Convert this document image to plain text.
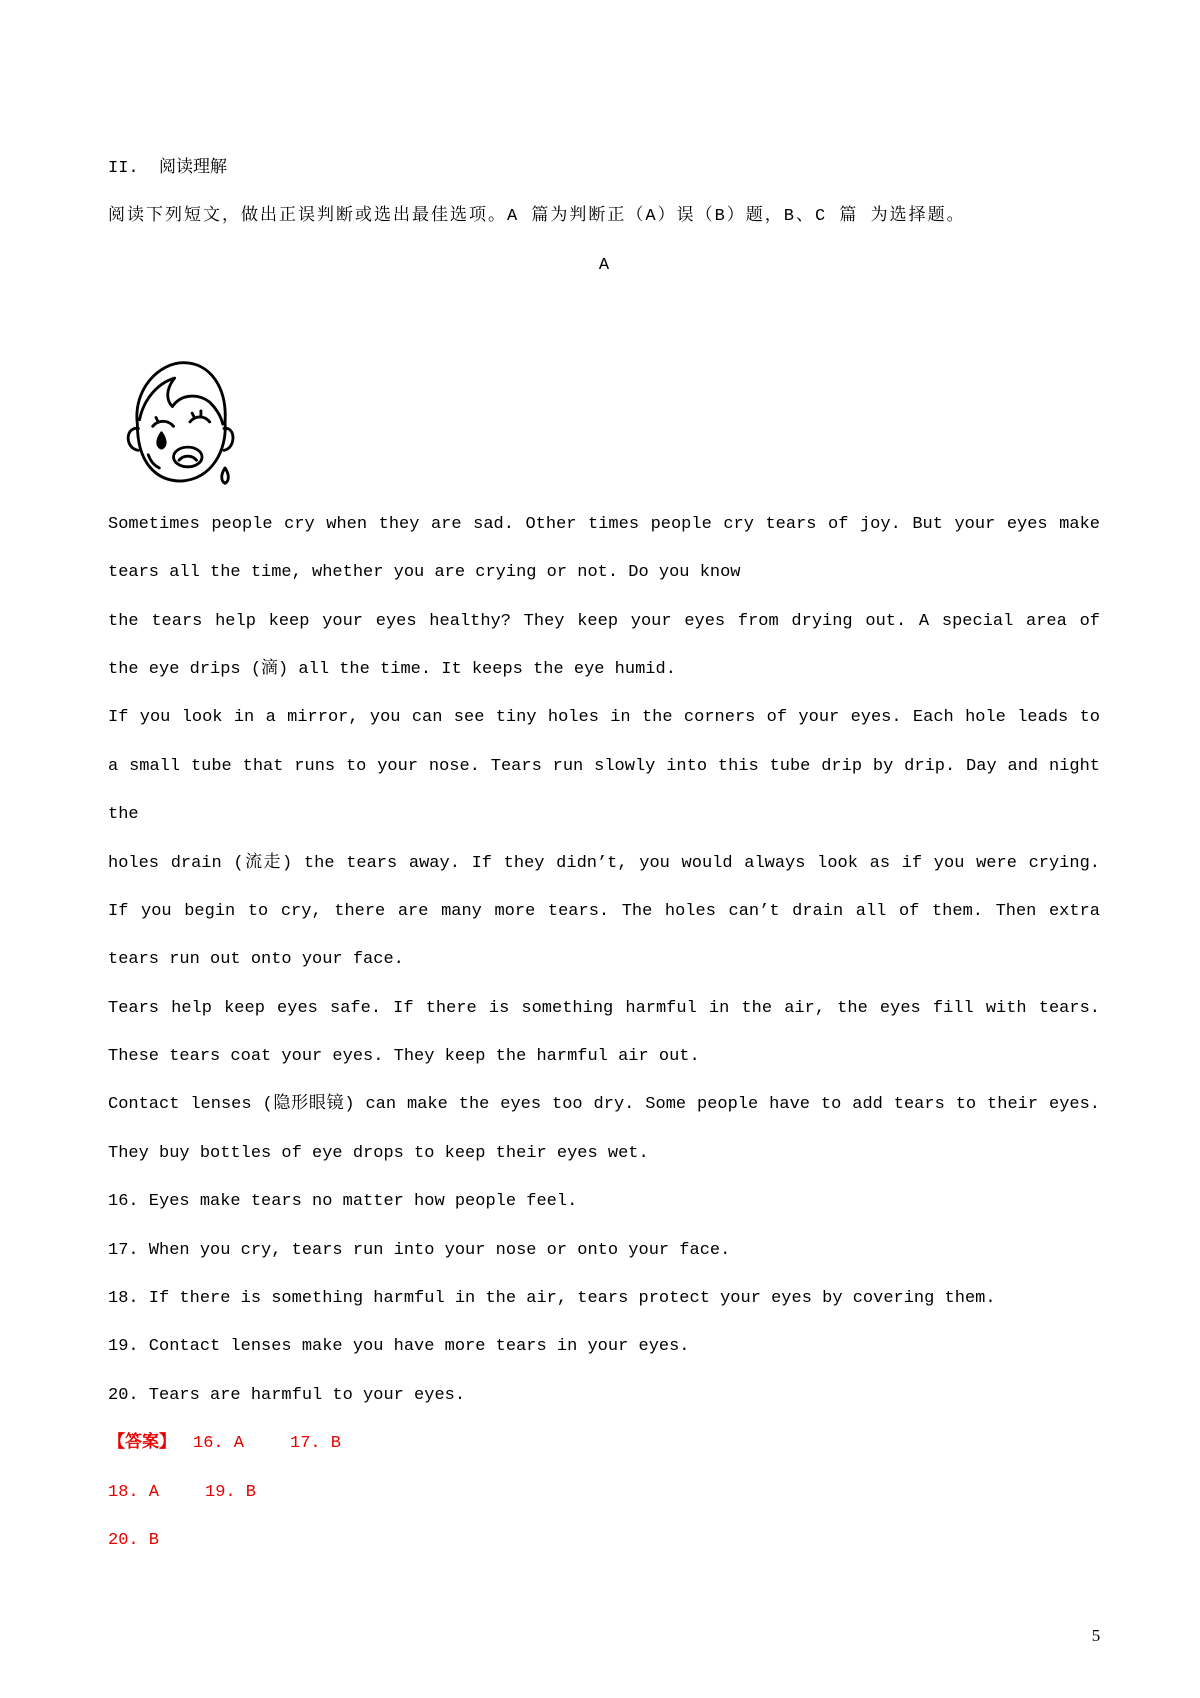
II.  阅读理解
阅读下列短文，做出正误判断或选出最佳选项。A 篇为判断正（A）误（B）题，B、C 篇 为选择题。
A
Sometimes people cry when they are sad. Other times people cry tears of joy. But your eyes make
tears all the time, whether you are crying or not. Do you know
the tears help keep your eyes healthy? They keep your eyes from drying out. A special area of
the eye drips (滴) all the time. It keeps the eye humid.
If you look in a mirror, you can see tiny holes in the corners of your eyes. Each hole leads to
a small tube that runs to your nose. Tears run slowly into this tube drip by drip. Day and night
the
holes drain (流走) the tears away. If they didn’t, you would always look as if you were crying.
If you begin to cry, there are many more tears. The holes can’t drain all of them. Then extra
tears run out onto your face.
Tears help keep eyes safe. If there is something harmful in the air, the eyes fill with tears.
These tears coat your eyes. They keep the harmful air out.
Contact lenses (隐形眼镜) can make the eyes too dry. Some people have to add tears to their eyes.
They buy bottles of eye drops to keep their eyes wet.
16. Eyes make tears no matter how people feel.
17. When you cry, tears run into your nose or onto your face.
18. If there is something harmful in the air, tears protect your eyes by covering them.
19. Contact lenses make you have more tears in your eyes.
20. Tears are harmful to your eyes.
【答案】 16. A	17. B
18. A	19. B
20. B
5
